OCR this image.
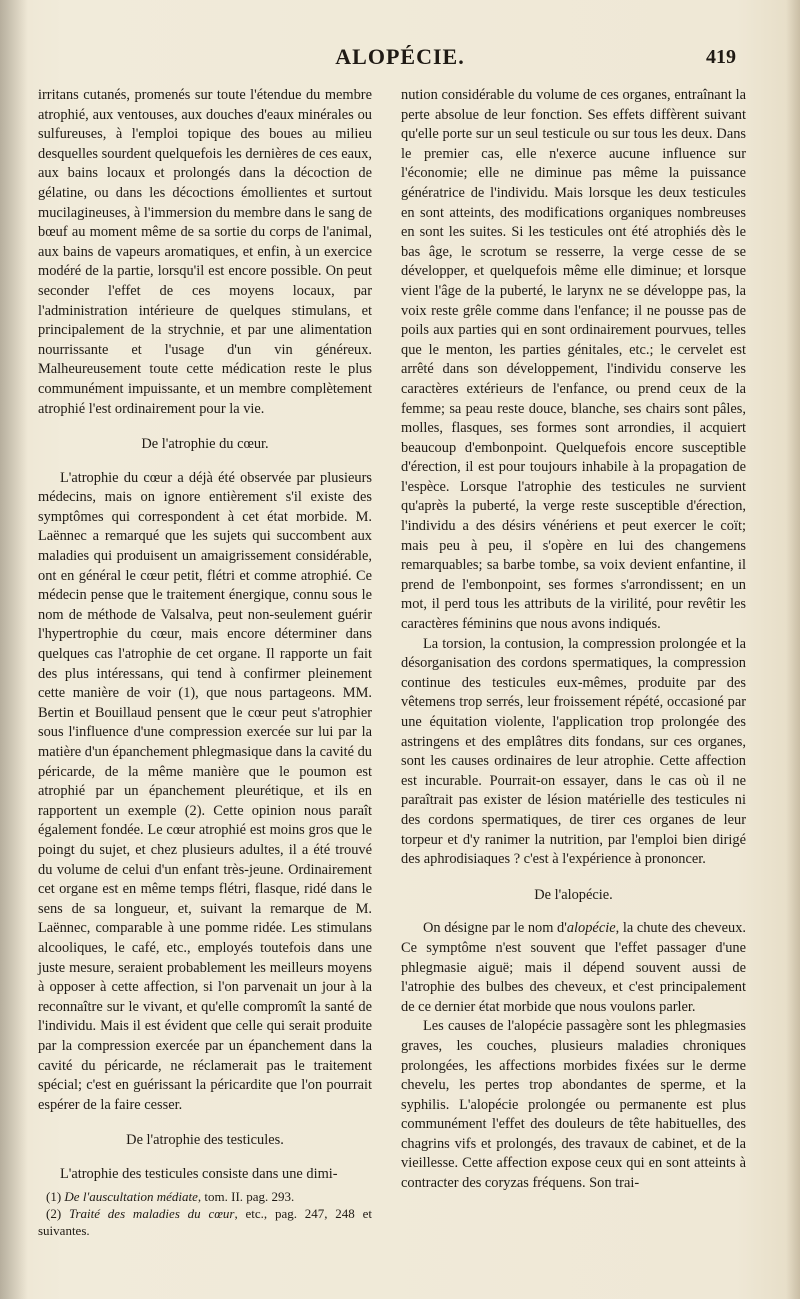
ALOPÉCIE.	419

irritans cutanés, promenés sur toute l'étendue du membre atrophié, aux ventouses, aux douches d'eaux minérales ou sulfureuses, à l'emploi topique des boues au milieu desquelles sourdent quelquefois les dernières de ces eaux, aux bains locaux et prolongés dans la décoction de gélatine, ou dans les décoctions émollientes et surtout mucilagineuses, à l'immersion du membre dans le sang de bœuf au moment même de sa sortie du corps de l'animal, aux bains de vapeurs aromatiques, et enfin, à un exercice modéré de la partie, lorsqu'il est encore possible. On peut seconder l'effet de ces moyens locaux, par l'administration intérieure de quelques stimulans, et principalement de la strychnie, et par une alimentation nourrissante et l'usage d'un vin généreux. Malheureusement toute cette médication reste le plus communément impuissante, et un membre complètement atrophié l'est ordinairement pour la vie.

De l'atrophie du cœur.

L'atrophie du cœur a déjà été observée par plusieurs médecins, mais on ignore entièrement s'il existe des symptômes qui correspondent à cet état morbide. M. Laënnec a remarqué que les sujets qui succombent aux maladies qui produisent un amaigrissement considérable, ont en général le cœur petit, flétri et comme atrophié. Ce médecin pense que le traitement énergique, connu sous le nom de méthode de Valsalva, peut non-seulement guérir l'hypertrophie du cœur, mais encore déterminer dans quelques cas l'atrophie de cet organe. Il rapporte un fait des plus intéressans, qui tend à confirmer pleinement cette manière de voir (1), que nous partageons. MM. Bertin et Bouillaud pensent que le cœur peut s'atrophier sous l'influence d'une compression exercée sur lui par la matière d'un épanchement phlegmasique dans la cavité du péricarde, de la même manière que le poumon est atrophié par un épanchement pleurétique, et ils en rapportent un exemple (2). Cette opinion nous paraît également fondée. Le cœur atrophié est moins gros que le poingt du sujet, et chez plusieurs adultes, il a été trouvé du volume de celui d'un enfant très-jeune. Ordinairement cet organe est en même temps flétri, flasque, ridé dans le sens de sa longueur, et, suivant la remarque de M. Laënnec, comparable à une pomme ridée. Les stimulans alcooliques, le café, etc., employés toutefois dans une juste mesure, seraient probablement les meilleurs moyens à opposer à cette affection, si l'on parvenait un jour à la reconnaître sur le vivant, et qu'elle compromît la santé de l'individu. Mais il est évident que celle qui serait produite par la compression exercée par un épanchement dans la cavité du péricarde, ne réclamerait pas le traitement spécial; c'est en guérissant la péricardite que l'on pourrait espérer de la faire cesser.

De l'atrophie des testicules.

L'atrophie des testicules consiste dans une dimi-

(1) De l'auscultation médiate, tom. II. pag. 293.

(2) Traité des maladies du cœur, etc., pag. 247, 248 et suivantes.

nution considérable du volume de ces organes, entraînant la perte absolue de leur fonction. Ses effets diffèrent suivant qu'elle porte sur un seul testicule ou sur tous les deux. Dans le premier cas, elle n'exerce aucune influence sur l'économie; elle ne diminue pas même la puissance génératrice de l'individu. Mais lorsque les deux testicules en sont atteints, des modifications organiques nombreuses en sont les suites. Si les testicules ont été atrophiés dès le bas âge, le scrotum se resserre, la verge cesse de se développer, et quelquefois même elle diminue; et lorsque vient l'âge de la puberté, le larynx ne se développe pas, la voix reste grêle comme dans l'enfance; il ne pousse pas de poils aux parties qui en sont ordinairement pourvues, telles que le menton, les parties génitales, etc.; le cervelet est arrêté dans son développement, l'individu conserve les caractères extérieurs de l'enfance, ou prend ceux de la femme; sa peau reste douce, blanche, ses chairs sont pâles, molles, flasques, ses formes sont arrondies, il acquiert beaucoup d'embonpoint. Quelquefois encore susceptible d'érection, il est pour toujours inhabile à la propagation de l'espèce. Lorsque l'atrophie des testicules ne survient qu'après la puberté, la verge reste susceptible d'érection, l'individu a des désirs vénériens et peut exercer le coït; mais peu à peu, il s'opère en lui des changemens remarquables; sa barbe tombe, sa voix devient enfantine, il prend de l'embonpoint, ses formes s'arrondissent; en un mot, il perd tous les attributs de la virilité, pour revêtir les caractères féminins que nous avons indiqués.

La torsion, la contusion, la compression prolongée et la désorganisation des cordons spermatiques, la compression continue des testicules eux-mêmes, produite par des vêtemens trop serrés, leur froissement répété, occasioné par une équitation violente, l'application trop prolongée des astringens et des emplâtres dits fondans, sur ces organes, sont les causes ordinaires de leur atrophie. Cette affection est incurable. Pourrait-on essayer, dans le cas où il ne paraîtrait pas exister de lésion matérielle des testicules ni des cordons spermatiques, de tirer ces organes de leur torpeur et d'y ranimer la nutrition, par l'emploi bien dirigé des aphrodisiaques ? c'est à l'expérience à prononcer.

De l'alopécie.

On désigne par le nom d'alopécie, la chute des cheveux. Ce symptôme n'est souvent que l'effet passager d'une phlegmasie aiguë; mais il dépend souvent aussi de l'atrophie des bulbes des cheveux, et c'est principalement de ce dernier état morbide que nous voulons parler.

Les causes de l'alopécie passagère sont les phlegmasies graves, les couches, plusieurs maladies chroniques prolongées, les affections morbides fixées sur le derme chevelu, les pertes trop abondantes de sperme, et la syphilis. L'alopécie prolongée ou permanente est plus communément l'effet des douleurs de tête habituelles, des chagrins vifs et prolongés, des travaux de cabinet, et de la vieillesse. Cette affection expose ceux qui en sont atteints à contracter des coryzas fréquens. Son trai-
